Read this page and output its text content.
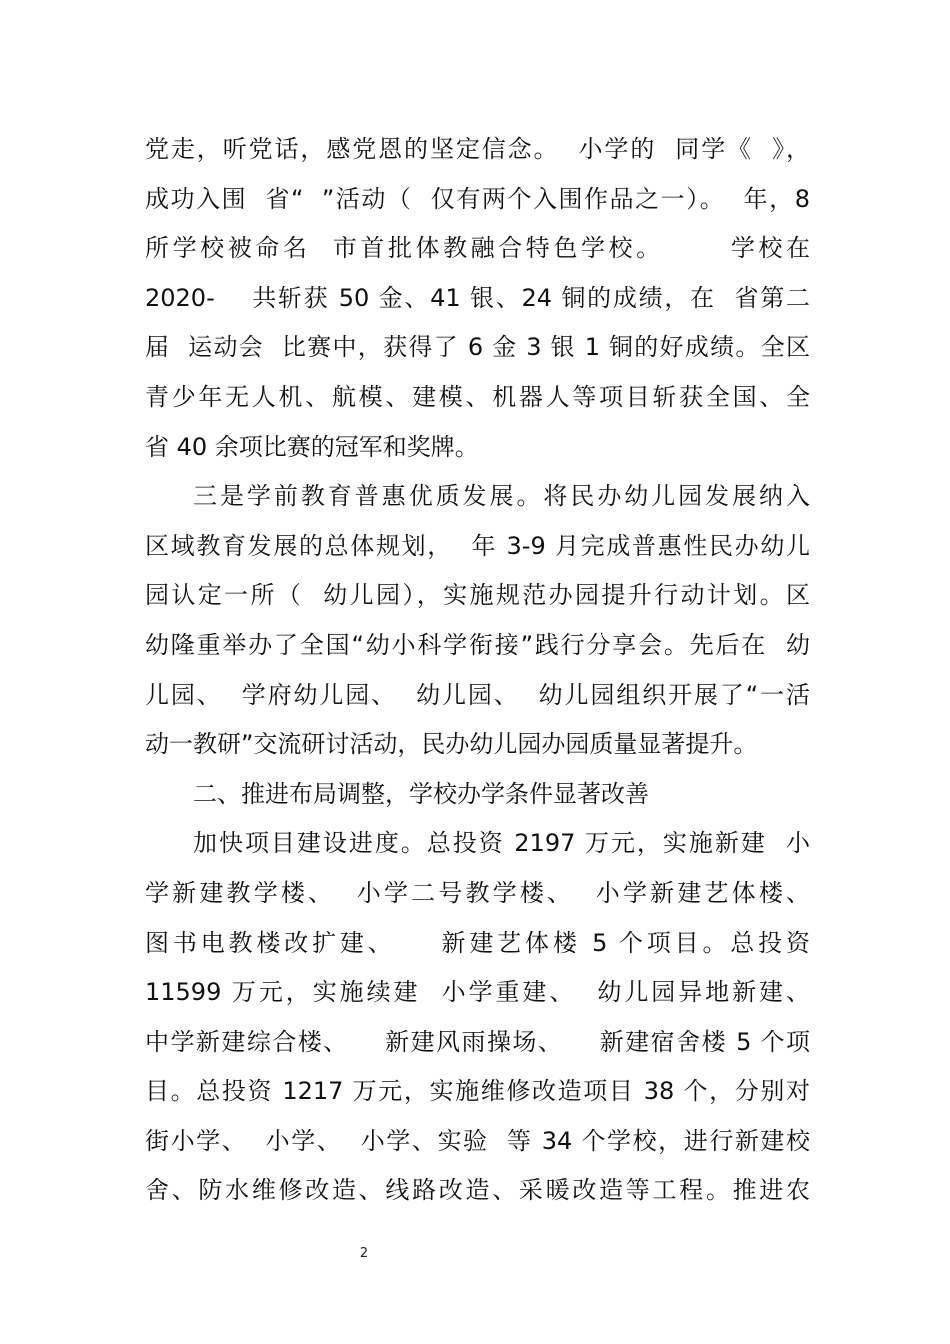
党走，听党话，感党恩的坚定信念。  小学的  同学《  》，
成功入围  省“  ”活动（  仅有两个入围作品之一）。  年，8
所学校被命名  市首批体教融合特色学校。      学校在
2020-    共斩获 50 金、41 银、24 铜的成绩，在  省第二
届  运动会  比赛中，获得了 6 金 3 银 1 铜的好成绩。全区
青少年无人机、航模、建模、机器人等项目斩获全国、全
省 40 余项比赛的冠军和奖牌。
三是学前教育普惠优质发展。将民办幼儿园发展纳入
区域教育发展的总体规划，  年 3-9 月完成普惠性民办幼儿
园认定一所（  幼儿园），实施规范办园提升行动计划。区
幼隆重举办了全国“幼小科学衔接”践行分享会。先后在  幼
儿园、  学府幼儿园、  幼儿园、  幼儿园组织开展了“一活
动一教研”交流研讨活动，民办幼儿园办园质量显著提升。
二、推进布局调整，学校办学条件显著改善
加快项目建设进度。总投资 2197 万元，实施新建  小
学新建教学楼、  小学二号教学楼、  小学新建艺体楼、
图书电教楼改扩建、    新建艺体楼 5 个项目。总投资
11599 万元，实施续建  小学重建、  幼儿园异地新建、
中学新建综合楼、    新建风雨操场、    新建宿舍楼 5 个项
目。总投资 1217 万元，实施维修改造项目 38 个，分别对
街小学、  小学、  小学、实验  等 34 个学校，进行新建校
舍、防水维修改造、线路改造、采暖改造等工程。推进农
2
